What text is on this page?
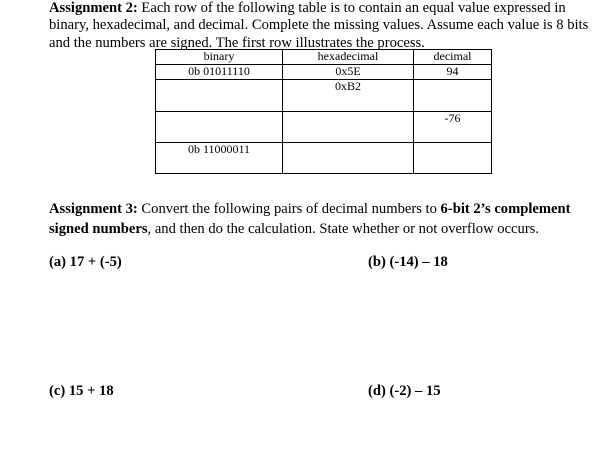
Assignment 2: Each row of the following table is to contain an equal value expressed in binary, hexadecimal, and decimal. Complete the missing values. Assume each value is 8 bits and the numbers are signed. The first row illustrates the process.
binary	hexadecimal	decimal
0b 01011110	0x5E	94
	0xB2	

		-76
0b 11000011		
Assignment 3: Convert the following pairs of decimal numbers to 6-bit 2’s complement signed numbers, and then do the calculation. State whether or not overflow occurs.
(a) 17 + (-5)	(b) (-14) – 18
(c) 15 + 18	(d) (-2) – 15
